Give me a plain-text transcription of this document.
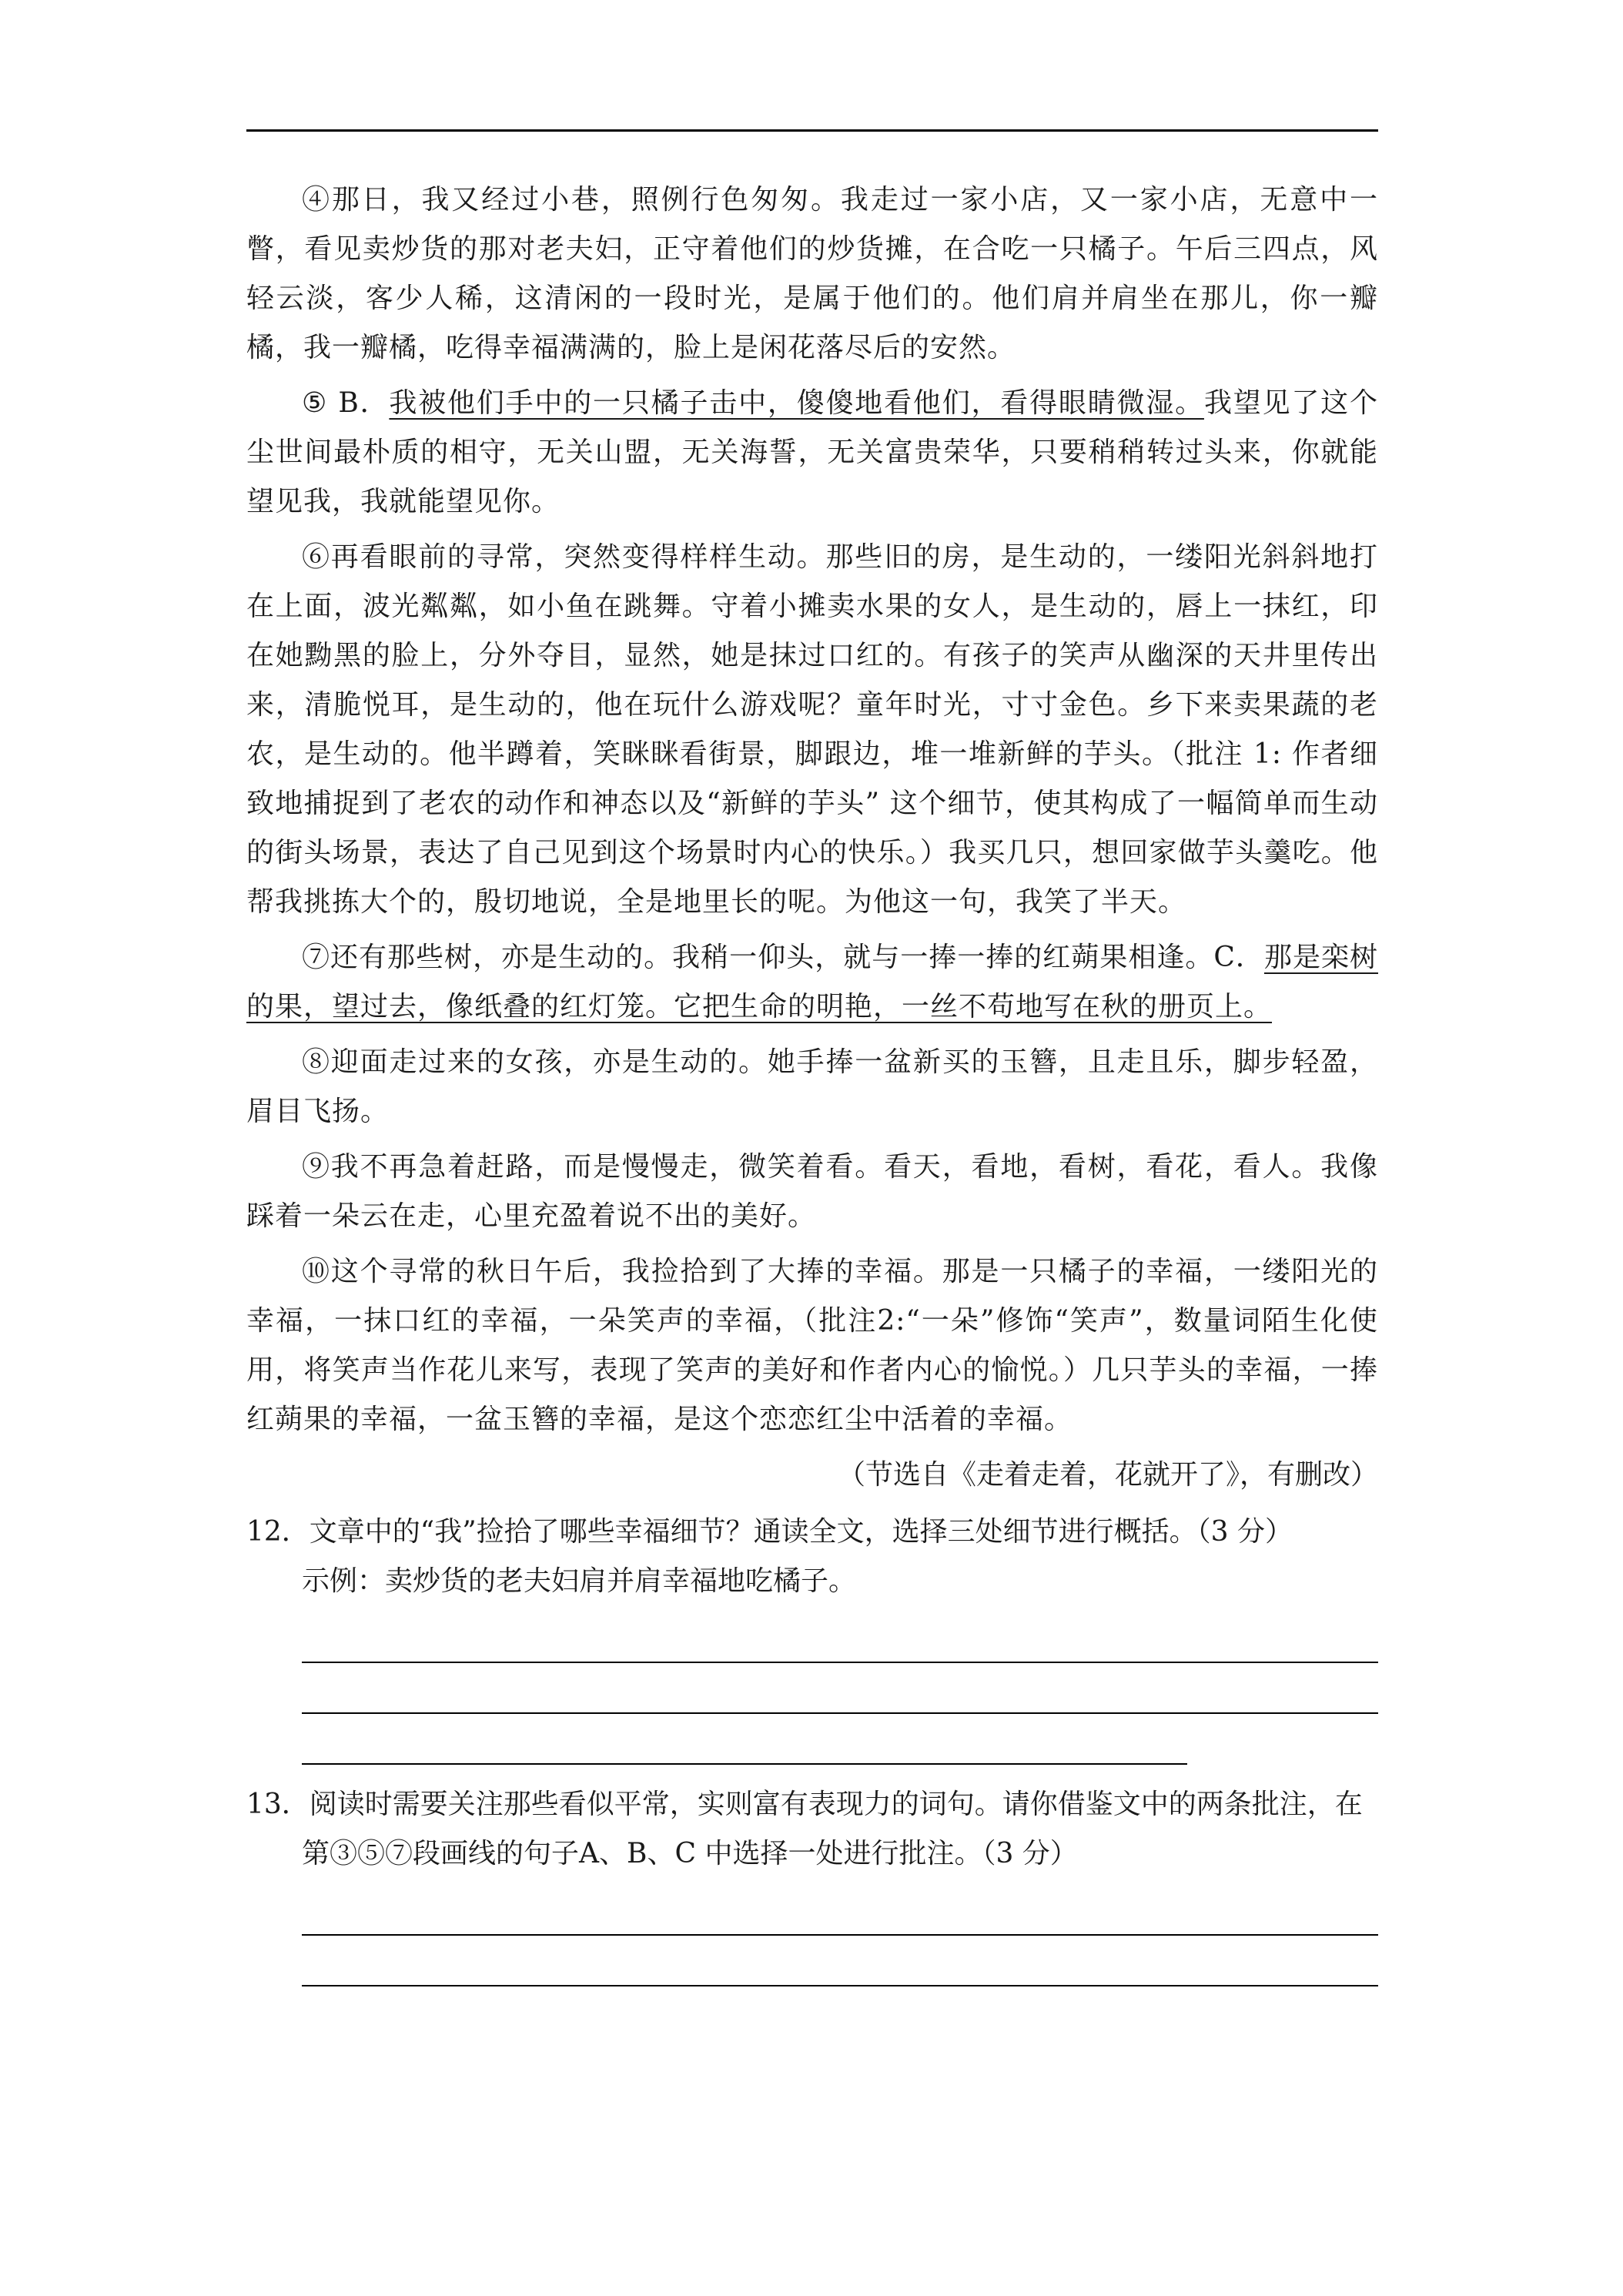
④那日，我又经过小巷，照例行色匆匆。我走过一家小店，又一家小店，无意中一瞥，看见卖炒货的那对老夫妇，正守着他们的炒货摊，在合吃一只橘子。午后三四点，风轻云淡，客少人稀，这清闲的一段时光，是属于他们的。他们肩并肩坐在那儿，你一瓣橘，我一瓣橘，吃得幸福满满的，脸上是闲花落尽后的安然。

⑤ B．我被他们手中的一只橘子击中，傻傻地看他们，看得眼睛微湿。我望见了这个尘世间最朴质的相守，无关山盟，无关海誓，无关富贵荣华，只要稍稍转过头来，你就能望见我，我就能望见你。

⑥再看眼前的寻常，突然变得样样生动。那些旧的房，是生动的，一缕阳光斜斜地打在上面，波光粼粼，如小鱼在跳舞。守着小摊卖水果的女人，是生动的，唇上一抹红，印在她黝黑的脸上，分外夺目，显然，她是抹过口红的。有孩子的笑声从幽深的天井里传出来，清脆悦耳，是生动的，他在玩什么游戏呢？童年时光，寸寸金色。乡下来卖果蔬的老农，是生动的。他半蹲着，笑眯眯看街景，脚跟边，堆一堆新鲜的芋头。（批注 1: 作者细致地捕捉到了老农的动作和神态以及“新鲜的芋头” 这个细节，使其构成了一幅简单而生动的街头场景，表达了自己见到这个场景时内心的快乐。）我买几只，想回家做芋头羹吃。他帮我挑拣大个的，殷切地说，全是地里长的呢。为他这一句，我笑了半天。

⑦还有那些树，亦是生动的。我稍一仰头，就与一捧一捧的红蒴果相逢。C．那是栾树的果，望过去，像纸叠的红灯笼。它把生命的明艳，一丝不苟地写在秋的册页上。

⑧迎面走过来的女孩，亦是生动的。她手捧一盆新买的玉簪，且走且乐，脚步轻盈，眉目飞扬。

⑨我不再急着赶路，而是慢慢走，微笑着看。看天，看地，看树，看花，看人。我像踩着一朵云在走，心里充盈着说不出的美好。

⑩这个寻常的秋日午后，我捡拾到了大捧的幸福。那是一只橘子的幸福，一缕阳光的幸福，一抹口红的幸福，一朵笑声的幸福，（批注2:“一朵”修饰“笑声”，数量词陌生化使用，将笑声当作花儿来写，表现了笑声的美好和作者内心的愉悦。）几只芋头的幸福，一捧红蒴果的幸福，一盆玉簪的幸福，是这个恋恋红尘中活着的幸福。

（节选自《走着走着，花就开了》，有删改）

12．文章中的“我”捡拾了哪些幸福细节？通读全文，选择三处细节进行概括。（3 分）

示例：卖炒货的老夫妇肩并肩幸福地吃橘子。

13．阅读时需要关注那些看似平常，实则富有表现力的词句。请你借鉴文中的两条批注，在第③⑤⑦段画线的句子A、B、C 中选择一处进行批注。（3 分）
